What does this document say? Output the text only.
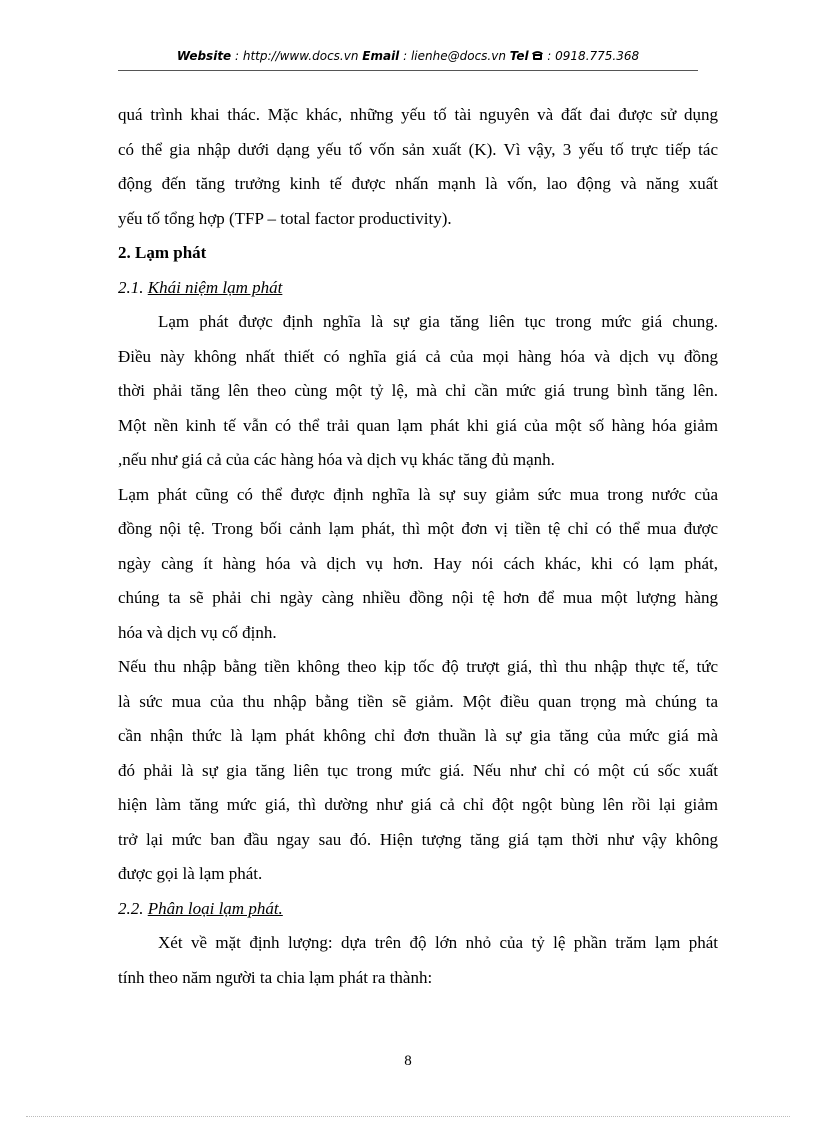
Website : http://www.docs.vn Email : lienhe@docs.vn Tel  : 0918.775.368
quá trình khai thác. Mặc khác, những yếu tố tài nguyên và đất đai được sử dụng
có thể gia nhập dưới dạng yếu tố vốn sản xuất (K). Vì vậy, 3 yếu tố trực tiếp tác
động đến tăng trưởng kinh tế được nhấn mạnh là vốn, lao động và năng xuất
yếu tố tổng hợp (TFP – total factor productivity).
2. Lạm phát
2.1. Khái niệm lạm phát
Lạm phát được định nghĩa là sự gia tăng liên tục trong mức giá chung.
Điều này không nhất thiết có nghĩa giá cả của mọi hàng hóa và dịch vụ đồng
thời phải tăng lên theo cùng một tỷ lệ, mà chỉ cần mức giá trung bình tăng lên.
Một nền kinh tế vẫn có thể trải quan lạm phát khi giá của một số hàng hóa giảm
,nếu như giá cả của các hàng hóa và dịch vụ khác tăng đủ mạnh.
Lạm phát cũng có thể được định nghĩa là sự suy giảm sức mua trong nước của
đồng nội tệ. Trong bối cảnh lạm phát, thì một đơn vị tiền tệ chỉ có thể mua được
ngày càng ít hàng hóa và dịch vụ hơn. Hay nói cách khác, khi có lạm phát,
chúng ta sẽ phải chi ngày càng nhiều đồng nội tệ hơn để mua một lượng hàng
hóa và dịch vụ cố định.
Nếu thu nhập bằng tiền không theo kịp tốc độ trượt giá, thì thu nhập thực tế, tức
là sức mua của thu nhập bằng tiền sẽ giảm. Một điều quan trọng mà chúng ta
cần nhận thức là lạm phát không chỉ đơn thuần là sự gia tăng của mức giá mà
đó phải là sự gia tăng liên tục trong mức giá. Nếu như chỉ có một cú sốc xuất
hiện làm tăng mức giá, thì dường như giá cả chỉ đột ngột bùng lên rồi lại giảm
trở lại mức ban đầu ngay sau đó. Hiện tượng tăng giá tạm thời như vậy không
được gọi là lạm phát.
2.2. Phân loại lạm phát.
Xét về mặt định lượng: dựa trên độ lớn nhỏ của tỷ lệ phần trăm lạm phát
tính theo năm người ta chia lạm phát ra thành:
8
